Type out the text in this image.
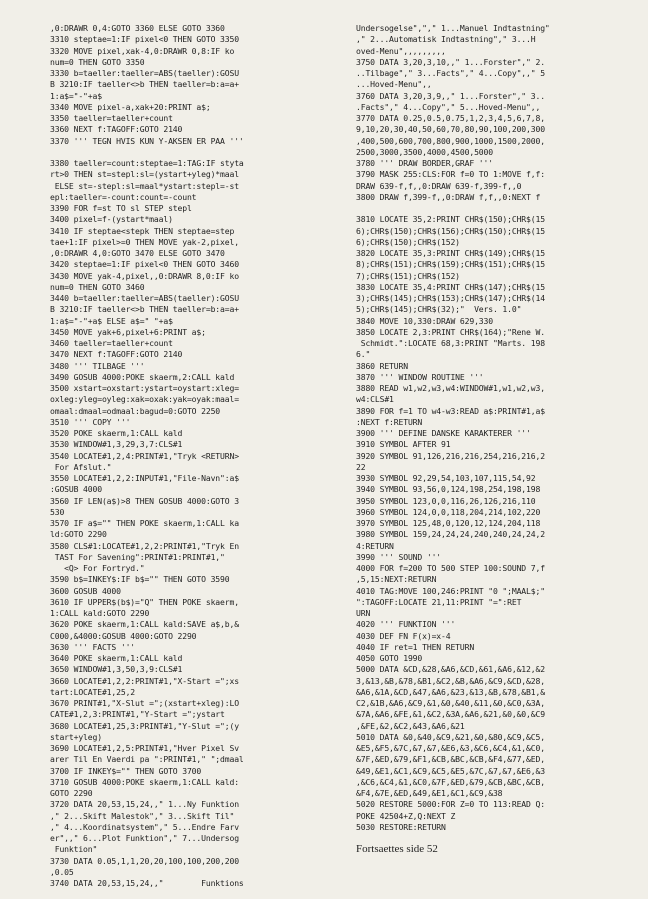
,0:DRAWR 0,4:GOTO 3360 ELSE GOTO 3360
3310 steptae=1:IF pixel<0 THEN GOTO 3350
3320 MOVE pixel,xak-4,0:DRAWR 0,8:IF ko
num=0 THEN GOTO 3350
3330 b=taeller:taeller=ABS(taeller):GOSU
B 3210:IF taeller<>b THEN taeller=b:a=a+
1:a$="-"+a$
3340 MOVE pixel-a,xak+20:PRINT a$;
3350 taeller=taeller+count
3360 NEXT f:TAGOFF:GOTO 2140
3370 ''' TEGN HVIS KUN Y-AKSEN ER PAA '''
3380 taeller=count:steptae=1:TAG:IF styta
rt>0 THEN st=stepl:sl=(ystart+yleg)*maal
ELSE st=-stepl:sl=maal*ystart:stepl=-st
epl:taeller=-count:count=-count
3390 FOR f=st TO sl STEP stepl
3400 pixel=f-(ystart*maal)
3410 IF steptae<stepk THEN steptae=step
tae+1:IF pixel>=0 THEN MOVE yak-2,pixel,
,0:DRAWR 4,0:GOTO 3470 ELSE GOTO 3470
3420 steptae=1:IF pixel<0 THEN GOTO 3460
3430 MOVE yak-4,pixel,,0:DRAWR 8,0:IF ko
num=0 THEN GOTO 3460
3440 b=taeller:taeller=ABS(taeller):GOSU
B 3210:IF taeller<>b THEN taeller=b:a=a+
1:a$="-"+a$ ELSE a$=" "+a$
3450 MOVE yak+6,pixel+6:PRINT a$;
3460 taeller=taeller+count
3470 NEXT f:TAGOFF:GOTO 2140
3480 ''' TILBAGE '''
3490 GOSUB 4000:POKE skaerm,2:CALL kald
3500 xstart=oxstart:ystart=oystart:xleg=
oxleg:yleg=oyleg:xak=oxak:yak=oyak:maal=
omaal:dmaal=odmaal:bagud=0:GOTO 2250
3510 ''' COPY '''
3520 POKE skaerm,1:CALL kald
3530 WINDOW#1,3,29,3,7:CLS#1
3540 LOCATE#1,2,4:PRINT#1,"Tryk <RETURN>
For Afslut."
3550 LOCATE#1,2,2:INPUT#1,"File-Navn":a$
:GOSUB 4000
3560 IF LEN(a$)>8 THEN GOSUB 4000:GOTO 3
530
3570 IF a$="" THEN POKE skaerm,1:CALL ka
ld:GOTO 2290
3580 CLS#1:LOCATE#1,2,2:PRINT#1,"Tryk En
TAST For Savening":PRINT#1:PRINT#1,"
<Q> For Fortryd."
3590 b$=INKEY$:IF b$="" THEN GOTO 3590
3600 GOSUB 4000
3610 IF UPPER$(b$)="Q" THEN POKE skaerm,
1:CALL kald:GOTO 2290
3620 POKE skaerm,1:CALL kald:SAVE a$,b,&
C000,&4000:GOSUB 4000:GOTO 2290
3630 ''' FACTS '''
3640 POKE skaerm,1:CALL kald
3650 WINDOW#1,3,50,3,9:CLS#1
3660 LOCATE#1,2,2:PRINT#1,"X-Start =";xs
tart:LOCATE#1,25,2
3670 PRINT#1,"X-Slut =";(xstart+xleg):LO
CATE#1,2,3:PRINT#1,"Y-Start =";ystart
3680 LOCATE#1,25,3:PRINT#1,"Y-Slut =";(y
start+yleg)
3690 LOCATE#1,2,5:PRINT#1,"Hver Pixel Sv
arer Til En Vaerdi pa ":PRINT#1," ";dmaal
3700 IF INKEY$="" THEN GOTO 3700
3710 GOSUB 4000:POKE skaerm,1:CALL kald:
GOTO 2290
3720 DATA 20,53,15,24,," 1...Ny Funktion
," 2...Skift Malestok"," 3...Skift Til"
," 4...Koordinatsystem"," 5...Endre Farv
er",," 6...Plot Funktion"," 7...Undersog
Funktion"
3730 DATA 0.05,1,1,20,20,100,100,200,200
,0.05
3740 DATA 20,53,15,24,,"        Funktions
Undersogelse","," 1...Manuel Indtastning"
," 2...Automatisk Indtastning"," 3...H
oved-Menu",,,,,,,,,
3750 DATA 3,20,3,10,," 1...Forster"," 2.
..Tilbage"," 3...Facts"," 4...Copy",," 5
...Hoved-Menu",,
3760 DATA 3,20,3,9,," 1...Forster"," 3..
.Facts"," 4...Copy"," 5...Hoved-Menu",,
3770 DATA 0.25,0.5,0.75,1,2,3,4,5,6,7,8,
9,10,20,30,40,50,60,70,80,90,100,200,300
,400,500,600,700,800,900,1000,1500,2000,
2500,3000,3500,4000,4500,5000
3780 ''' DRAW BORDER,GRAF '''
3790 MASK 255:CLS:FOR f=0 TO 1:MOVE f,f:
DRAW 639-f,f,,0:DRAW 639-f,399-f,,0
3800 DRAW f,399-f,,0:DRAW f,f,,0:NEXT f
3810 LOCATE 35,2:PRINT CHR$(150);CHR$(15
6);CHR$(150);CHR$(156);CHR$(150);CHR$(15
6);CHR$(150);CHR$(152)
3820 LOCATE 35,3:PRINT CHR$(149);CHR$(15
8);CHR$(151);CHR$(159);CHR$(151);CHR$(15
7);CHR$(151);CHR$(152)
3830 LOCATE 35,4:PRINT CHR$(147);CHR$(15
3);CHR$(145);CHR$(153);CHR$(147);CHR$(14
5);CHR$(145);CHR$(32);"  Vers. 1.0"
3840 MOVE 10,330:DRAW 629,330
3850 LOCATE 2,3:PRINT CHR$(164);"Rene W.
Schmidt.":LOCATE 68,3:PRINT "Marts. 198
6."
3860 RETURN
3870 ''' WINDOW ROUTINE '''
3880 READ w1,w2,w3,w4:WINDOW#1,w1,w2,w3,
w4:CLS#1
3890 FOR f=1 TO w4-w3:READ a$:PRINT#1,a$
:NEXT f:RETURN
3900 ''' DEFINE DANSKE KARAKTERER '''
3910 SYMBOL AFTER 91
3920 SYMBOL 91,126,216,216,254,216,216,2
22
3930 SYMBOL 92,29,54,103,107,115,54,92
3940 SYMBOL 93,56,0,124,198,254,198,198
3950 SYMBOL 123,0,0,116,26,126,216,110
3960 SYMBOL 124,0,0,118,204,214,102,220
3970 SYMBOL 125,48,0,120,12,124,204,118
3980 SYMBOL 159,24,24,24,240,240,24,24,2
4:RETURN
3990 ''' SOUND '''
4000 FOR f=200 TO 500 STEP 100:SOUND 7,f
,5,15:NEXT:RETURN
4010 TAG:MOVE 100,246:PRINT "0 ";MAAL$;"
":TAGOFF:LOCATE 21,11:PRINT "=":RET
URN
4020 ''' FUNKTION '''
4030 DEF FN F(x)=x-4
4040 IF ret=1 THEN RETURN
4050 GOTO 1990
5000 DATA &CD,&28,&A6,&CD,&61,&A6,&12,&2
3,&13,&B,&78,&B1,&C2,&B,&A6,&C9,&CD,&28,
&A6,&1A,&CD,&47,&A6,&23,&13,&B,&78,&B1,&
C2,&1B,&A6,&C9,&1,&0,&40,&11,&0,&C0,&3A,
&7A,&A6,&FE,&1,&C2,&3A,&A6,&21,&0,&0,&C9
,&FE,&2,&C2,&43,&A6,&21
5010 DATA &0,&40,&C9,&21,&0,&80,&C9,&C5,
&E5,&F5,&7C,&7,&7,&E6,&3,&C6,&C4,&1,&C0,
&7F,&ED,&79,&F1,&CB,&BC,&CB,&F4,&77,&ED,
&49,&E1,&C1,&C9,&C5,&E5,&7C,&7,&7,&E6,&3
,&C6,&C4,&1,&C0,&7F,&ED,&79,&CB,&BC,&CB,
&F4,&7E,&ED,&49,&E1,&C1,&C9,&38
5020 RESTORE 5000:FOR Z=0 TO 113:READ Q:
POKE 42504+Z,Q:NEXT Z
5030 RESTORE:RETURN
Fortsaettes side 52
